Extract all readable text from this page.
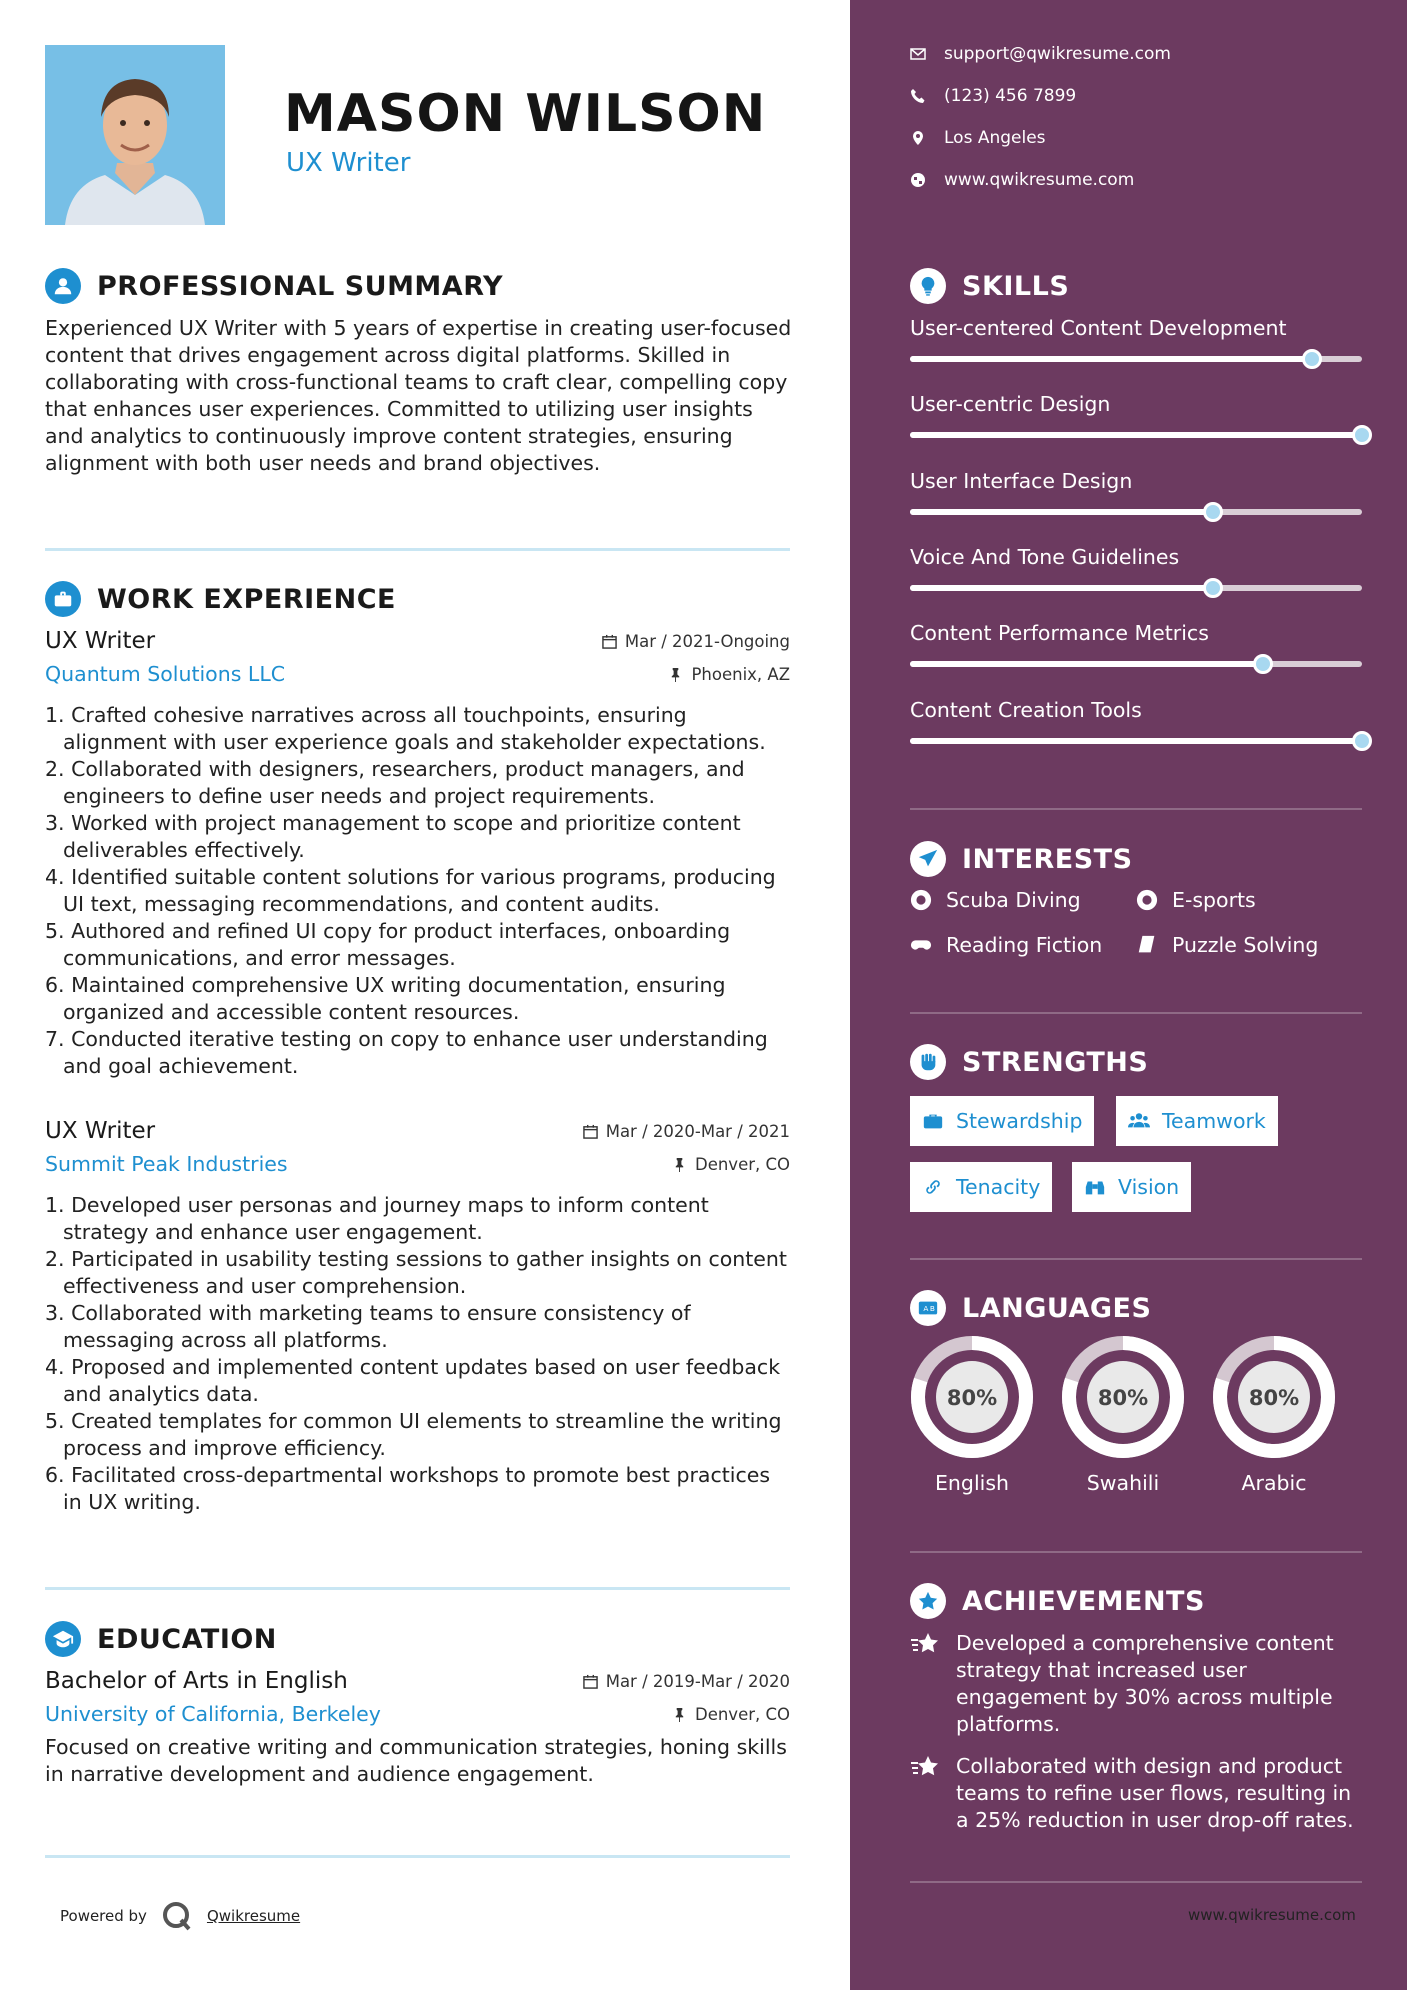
MASON WILSON
UX Writer
PROFESSIONAL SUMMARY
Experienced UX Writer with 5 years of expertise in creating user-focused content that drives engagement across digital platforms. Skilled in collaborating with cross-functional teams to craft clear, compelling copy that enhances user experiences. Committed to utilizing user insights and analytics to continuously improve content strategies, ensuring alignment with both user needs and brand objectives.
WORK EXPERIENCE
UX Writer	Mar / 2021-Ongoing
Quantum Solutions LLC	Phoenix, AZ
1. Crafted cohesive narratives across all touchpoints, ensuring alignment with user experience goals and stakeholder expectations.
2. Collaborated with designers, researchers, product managers, and engineers to define user needs and project requirements.
3. Worked with project management to scope and prioritize content deliverables effectively.
4. Identified suitable content solutions for various programs, producing UI text, messaging recommendations, and content audits.
5. Authored and refined UI copy for product interfaces, onboarding communications, and error messages.
6. Maintained comprehensive UX writing documentation, ensuring organized and accessible content resources.
7. Conducted iterative testing on copy to enhance user understanding and goal achievement.
UX Writer	Mar / 2020-Mar / 2021
Summit Peak Industries	Denver, CO
1. Developed user personas and journey maps to inform content strategy and enhance user engagement.
2. Participated in usability testing sessions to gather insights on content effectiveness and user comprehension.
3. Collaborated with marketing teams to ensure consistency of messaging across all platforms.
4. Proposed and implemented content updates based on user feedback and analytics data.
5. Created templates for common UI elements to streamline the writing process and improve efficiency.
6. Facilitated cross-departmental workshops to promote best practices in UX writing.
EDUCATION
Bachelor of Arts in English	Mar / 2019-Mar / 2020
University of California, Berkeley	Denver, CO
Focused on creative writing and communication strategies, honing skills in narrative development and audience engagement.
Powered by	Qwikresume
support@qwikresume.com
(123) 456 7899
Los Angeles
www.qwikresume.com
SKILLS
User-centered Content Development
User-centric Design
User Interface Design
Voice And Tone Guidelines
Content Performance Metrics
Content Creation Tools
INTERESTS
Scuba Diving	E-sports
Reading Fiction	Puzzle Solving
STRENGTHS
Stewardship	Teamwork
Tenacity	Vision
A B LANGUAGES
80%
English
80%
Swahili
80%
Arabic
ACHIEVEMENTS
Developed a comprehensive content strategy that increased user engagement by 30% across multiple platforms.
Collaborated with design and product teams to refine user flows, resulting in a 25% reduction in user drop-off rates.
www.qwikresume.com
